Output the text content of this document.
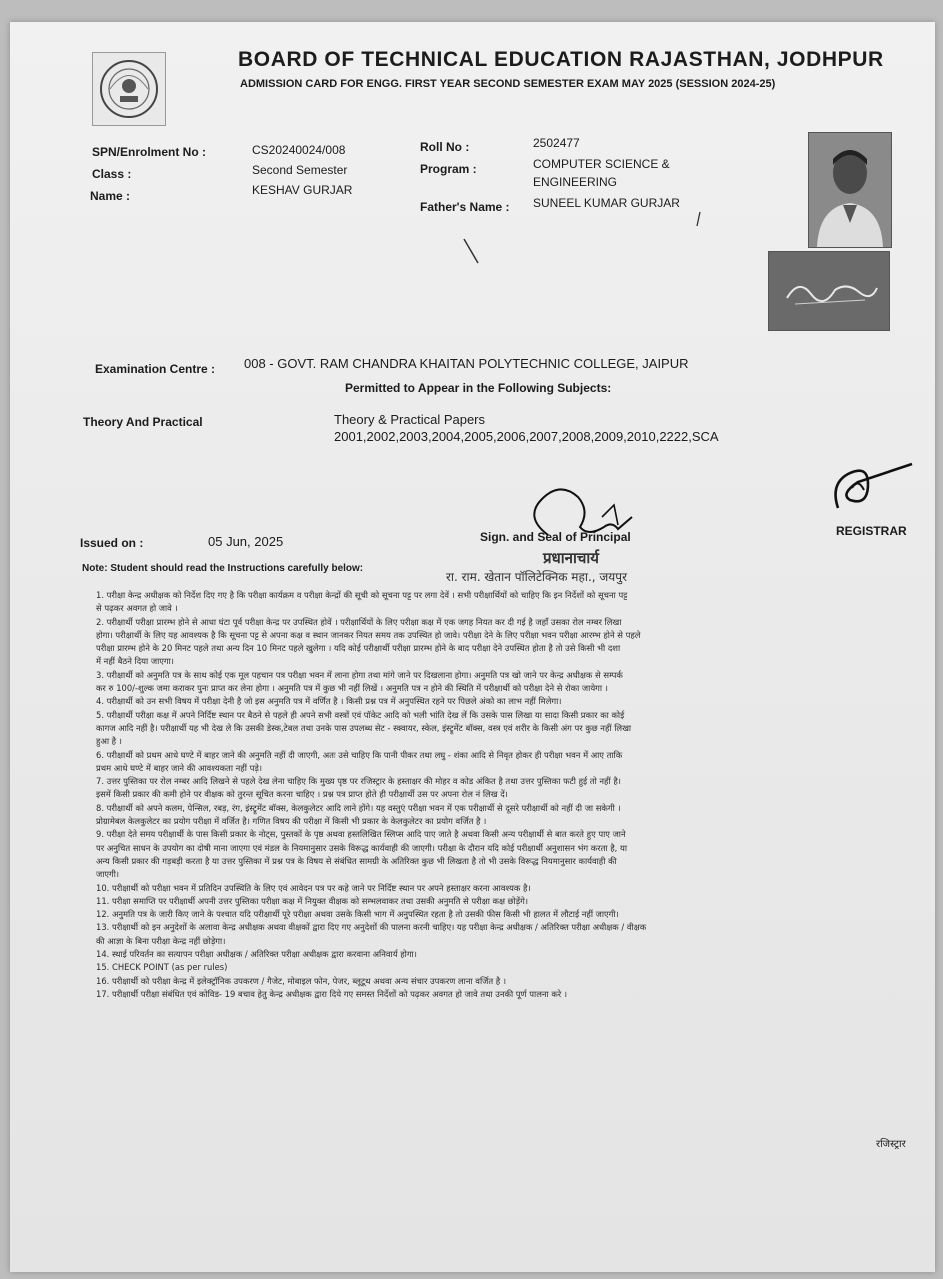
BOARD OF TECHNICAL EDUCATION RAJASTHAN, JODHPUR
ADMISSION CARD FOR ENGG. FIRST YEAR SECOND SEMESTER EXAM MAY 2025 (SESSION 2024-25)
SPN/Enrolment No :	CS20240024/008
Class :	Second Semester
Name :	KESHAV GURJAR
Roll No :	2502477
Program :	COMPUTER SCIENCE &
ENGINEERING
Father's Name : SUNEEL KUMAR GURJAR
Examination Centre : 008 - GOVT. RAM CHANDRA KHAITAN POLYTECHNIC COLLEGE, JAIPUR
Permitted to Appear in the Following Subjects:
Theory And Practical	Theory & Practical Papers
2001,2002,2003,2004,2005,2006,2007,2008,2009,2010,2222,SCA
प्रधानाचार्य
रा. राम. खेतान पॉलिटेक्निक महा., जयपुर
Sign. and Seal of Principal	REGISTRAR
Issued on :	05 Jun, 2025
Note: Student should read the Instructions carefully below:

1. परीक्षा केन्द्र अधीक्षक को निर्देश दिए गए है कि परीक्षा कार्यक्रम व परीक्षा केन्द्रों की सूची को सूचना पट्ट पर लगा देवें । सभी परीक्षार्थियों को चाहिए कि इन निर्देशों को सूचना पट्ट

से पढ़कर अवगत हो जावे ।

2. परीक्षार्थी परीक्षा प्रारम्भ होने से आधा घंटा पूर्व परीक्षा केन्द्र पर उपस्थित होवें । परीक्षार्थियों के लिए परीक्षा कक्ष में एक जगह नियत कर दी गई है जहाँ उसका रोल नम्बर लिखा

होगा। परीक्षार्थी के लिए यह आवश्यक है कि सूचना पट्ट से अपना कक्ष व स्थान जानकर नियत समय तक उपस्थित हो जावे। परीक्षा देने के लिए परीक्षा भवन परीक्षा आरम्भ होने से पहले

परीक्षा प्रारम्भ होने के 20 मिनट पहले तथा अन्य दिन 10 मिनट पहले खुलेगा । यदि कोई परीक्षार्थी परीक्षा प्रारम्भ होने के बाद परीक्षा देने उपस्थित होता है तो उसे किसी भी दशा

में नहीं बैठने दिया जाएगा।

3. परीक्षार्थी को अनुमति पत्र के साथ कोई एक मूल पहचान पत्र परीक्षा भवन में लाना होगा तथा मांगे जाने पर दिखलाना होगा। अनुमति पत्र खो जाने पर केन्द्र अधीक्षक से सम्पर्क

कर रु 100/-शुल्क जमा कराकर पुनः प्राप्त कर लेना होगा । अनुमति पत्र में कुछ भी नहीं लिखें । अनुमति पत्र न होने की स्थिति में परीक्षार्थी को परीक्षा देने से रोका जायेगा ।

4. परीक्षार्थी को उन सभी विषय में परीक्षा देनी है जो इस अनुमति पत्र में वर्णित है । किसी प्रश्न पत्र में अनुपस्थित रहने पर पिछले अंको का लाभ नहीं मिलेगा।

5. परीक्षार्थी परीक्षा कक्ष में अपने निर्दिष्ट स्थान पर बैठने से पहले ही अपने सभी वस्त्रों एवं पॉकेट आदि को भली भांति देख लें कि उसके पास लिखा या सादा किसी प्रकार का कोई

कागज आदि नहीं है। परीक्षार्थी यह भी देख ले कि उसकी डेस्क,टेबल तथा उनके पास उपलब्ध सेट - स्क्वायर, स्केल, इंस्ट्रूमेंट बॉक्स, वस्त्र एवं शरीर के किसी अंग पर कुछ नहीं लिखा

हुआ है ।

6. परीक्षार्थी को प्रथम आधे घण्टे में बाहर जाने की अनुमति नहीं दी जाएगी, अतः उसे चाहिए कि पानी पीकर तथा लघु - शंका आदि से निवृत होकर ही परीक्षा भवन में आए ताकि

प्रथम आधे घण्टे में बाहर जाने की आवश्यकता नहीं पड़े।

7. उत्तर पुस्तिका पर रोल नम्बर आदि लिखने से पहले देख लेना चाहिए कि मुख्य पृष्ठ पर रजिस्ट्रार के हस्ताक्षर की मोहर व कोड अंकित है तथा उत्तर पुस्तिका फटी हुई तो नहीं है।

इसमें किसी प्रकार की कमी होने पर वीक्षक को तुरन्त सूचित करना चाहिए । प्रश्न पत्र प्राप्त होते ही परीक्षार्थी उस पर अपना रोल नं लिख दें।

8. परीक्षार्थी को अपने कलम, पेन्सिल, रबड़, रंग, इंस्ट्रूमेंट बॉक्स, केलकुलेटर आदि लाने होंगे। यह वस्तुएं परीक्षा भवन में एक परीक्षार्थी से दूसरे परीक्षार्थी को नहीं दी जा सकेगी ।

प्रोग्रामेबल केलकुलेटर का प्रयोग परीक्षा में वर्जित है। गणित विषय की परीक्षा में किसी भी प्रकार के केलकुलेटर का प्रयोग वर्जित है ।

9. परीक्षा देते समय परीक्षार्थी के पास किसी प्रकार के नोट्स, पुस्तकों के पृष्ठ अथवा हस्तलिखित स्लिप्स आदि पाए जाते है अथवा किसी अन्य परीक्षार्थी से बात करते हुए पाए जाने

पर अनुचित साधन के उपयोग का दोषी माना जाएगा एवं मंडल के नियमानुसार उसके विरूद्ध कार्यवाही की जाएगी। परीक्षा के दौरान यदि कोई परीक्षार्थी अनुशासन भंग करता है, या

अन्य किसी प्रकार की गड़बड़ी करता है या उत्तर पुस्तिका में प्रश्न पत्र के विषय से संबंधित सामग्री के अतिरिक्त कुछ भी लिखता है तो भी उसके विरूद्ध नियमानुसार कार्यवाही की

जाएगी।

10. परीक्षार्थी को परीक्षा भवन में प्रतिदिन उपस्थिति के लिए एवं आवेदन पत्र पर कहे जाने पर निर्दिष्ट स्थान पर अपने हस्ताक्षर करना आवश्यक है।

11. परीक्षा समाप्ति पर परीक्षार्थी अपनी उत्तर पुस्तिका परीक्षा कक्ष में नियुक्त वीक्षक को सम्भलवाकर तथा उसकी अनुमति से परीक्षा कक्ष छोड़ेंगे।

12. अनुमति पत्र के जारी किए जाने के पश्चात यदि परीक्षार्थी पूरे परीक्षा अथवा उसके किसी भाग में अनुपस्थित रहता है तो उसकी फीस किसी भी हालत में लौटाई नहीं जाएगी।

13. परीक्षार्थी को इन अनुदेशों के अलावा केन्द्र अधीक्षक अथवा वीक्षकों द्वारा दिए गए अनुदेशों की पालना करनी चाहिए। यह परीक्षा केन्द्र अधीक्षक / अतिरिक्त परीक्षा अधीक्षक / वीक्षक

की आज्ञा के बिना परीक्षा केन्द्र नहीं छोड़ेगा।

14. स्थाई परिवर्तन का सत्यापन परीक्षा अधीक्षक / अतिरिक्त परीक्षा अधीक्षक द्वारा करवाना अनिवार्य होगा।

15. CHECK POINT (as per rules)

16. परीक्षार्थी को परीक्षा केन्द्र में इलेक्ट्रॉनिक उपकरण / गैजेट, मोबाइल फोन, पेजर, ब्लूटूथ अथवा अन्य संचार उपकरण लाना वर्जित है ।

17. परीक्षार्थी परीक्षा संबंधित एवं कोविड- 19 बचाव हेतु केन्द्र अधीक्षक द्वारा दिये गए समस्त निर्देशों को पढ़कर अवगत हो जावे तथा उनकी पूर्ण पालना करे ।

रजिस्ट्रार
